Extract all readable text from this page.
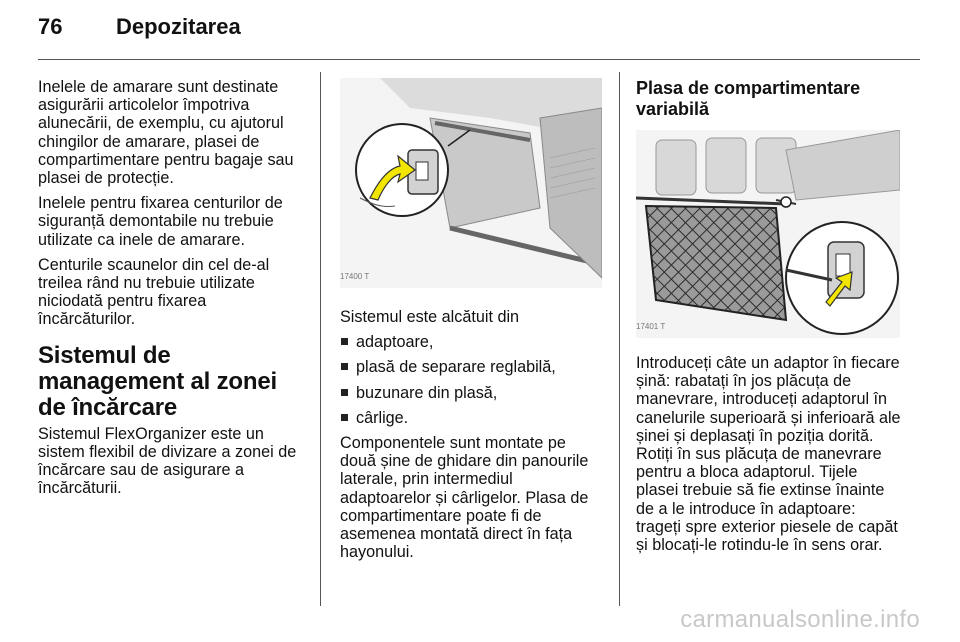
76 Depozitarea

Inelele de amarare sunt destinate asigurării articolelor împotriva alunecării, de exemplu, cu ajutorul chingilor de amarare, plasei de compartimentare pentru bagaje sau plasei de protecție.

Inelele pentru fixarea centurilor de siguranță demontabile nu trebuie utilizate ca inele de amarare.

Centurile scaunelor din cel de-al treilea rând nu trebuie utilizate niciodată pentru fixarea încărcăturilor.

Sistemul de management al zonei de încărcare

Sistemul FlexOrganizer este un sistem flexibil de divizare a zonei de încărcare sau de asigurare a încărcăturii.

17400 T

Sistemul este alcătuit din

adaptoare,
plasă de separare reglabilă,
buzunare din plasă,
cârlige.

Componentele sunt montate pe două șine de ghidare din panourile laterale, prin intermediul adaptoarelor și cârligelor. Plasa de compartimentare poate fi de asemenea montată direct în fața hayonului.

Plasa de compartimentare variabilă
17401 T

Introduceți câte un adaptor în fiecare șină: rabatați în jos plăcuța de manevrare, introduceți adaptorul în canelurile superioară și inferioară ale șinei și deplasați în poziția dorită. Rotiți în sus plăcuța de manevrare pentru a bloca adaptorul. Tijele plasei trebuie să fie extinse înainte de a le introduce în adaptoare: trageți spre exterior piesele de capăt și blocați-le rotindu-le în sens orar.

carmanualsonline.info
